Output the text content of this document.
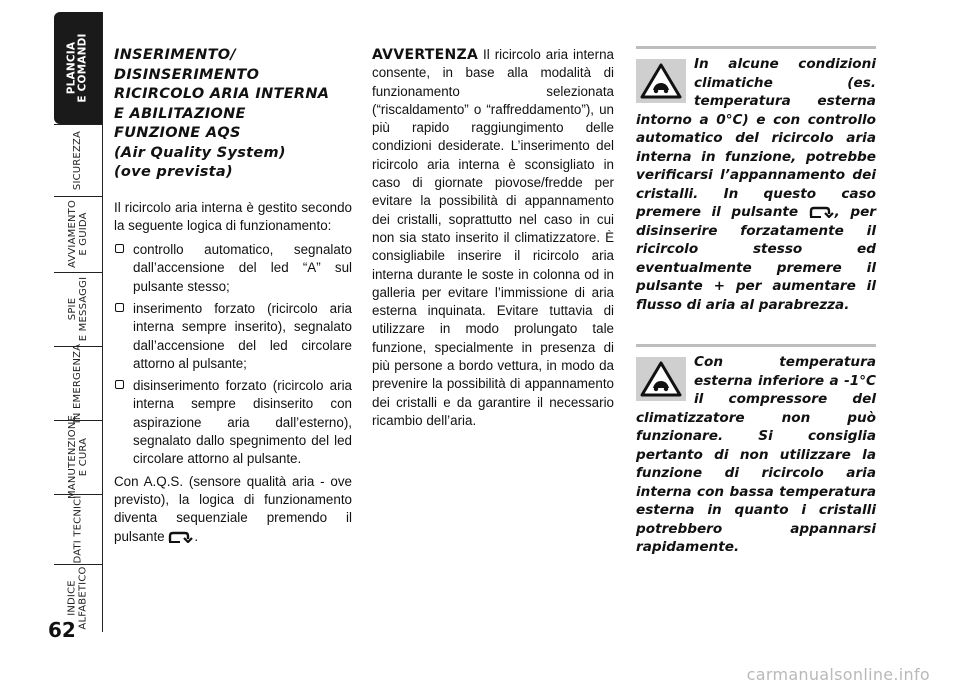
PLANCIA
E COMANDI
SICUREZZA
AVVIAMENTO
E GUIDA
SPIE
E MESSAGGI
IN EMERGENZA
MANUTENZIONE
E CURA
DATI TECNICI
INDICE
ALFABETICO
62
INSERIMENTO/
DISINSERIMENTO
RICIRCOLO ARIA INTERNA
E ABILITAZIONE
FUNZIONE AQS
(Air Quality System)
(ove prevista)

Il ricircolo aria interna è gestito secondo la seguente logica di funzionamento:

controllo automatico, segnalato dall’accensione del led “A” sul pulsante stesso;
inserimento forzato (ricircolo aria interna sempre inserito), segnalato dall’accensione del led circolare attorno al pulsante;
disinserimento forzato (ricircolo aria interna sempre disinserito con aspirazione aria dall’esterno), segnalato dallo spegnimento del led circolare attorno al pulsante.

Con A.Q.S. (sensore qualità aria - ove previsto), la logica di funzionamento diventa sequenziale premendo il pulsante .

AVVERTENZA Il ricircolo aria interna consente, in base alla modalità di funzionamento selezionata (“riscaldamento” o “raffreddamento”), un più rapido raggiungimento delle condizioni desiderate. L’inserimento del ricircolo aria interna è sconsigliato in caso di giornate piovose/fredde per evitare la possibilità di appannamento dei cristalli, soprattutto nel caso in cui non sia stato inserito il climatizzatore. È consigliabile inserire il ricircolo aria interna durante le soste in colonna od in galleria per evitare l’immissione di aria esterna inquinata. Evitare tuttavia di utilizzare in modo prolungato tale funzione, specialmente in presenza di più persone a bordo vettura, in modo da prevenire la possibilità di appannamento dei cristalli e da garantire il necessario ricambio dell’aria.

In alcune condizioni climatiche (es. temperatura esterna intorno a 0°C) e con controllo automatico del ricircolo aria interna in funzione, potrebbe verificarsi l’appannamento dei cristalli. In questo caso premere il pulsante	, per disinserire forzatamente il ricircolo stesso ed eventualmente premere il pulsante + per aumentare il flusso di aria al parabrezza.

Con temperatura esterna inferiore a -1°C il compressore del climatizzatore non può funzionare. Si consiglia pertanto di non utilizzare la funzione di ricircolo aria interna con bassa temperatura esterna in quanto i cristalli potrebbero appannarsi rapidamente.

carmanualsonline.info
